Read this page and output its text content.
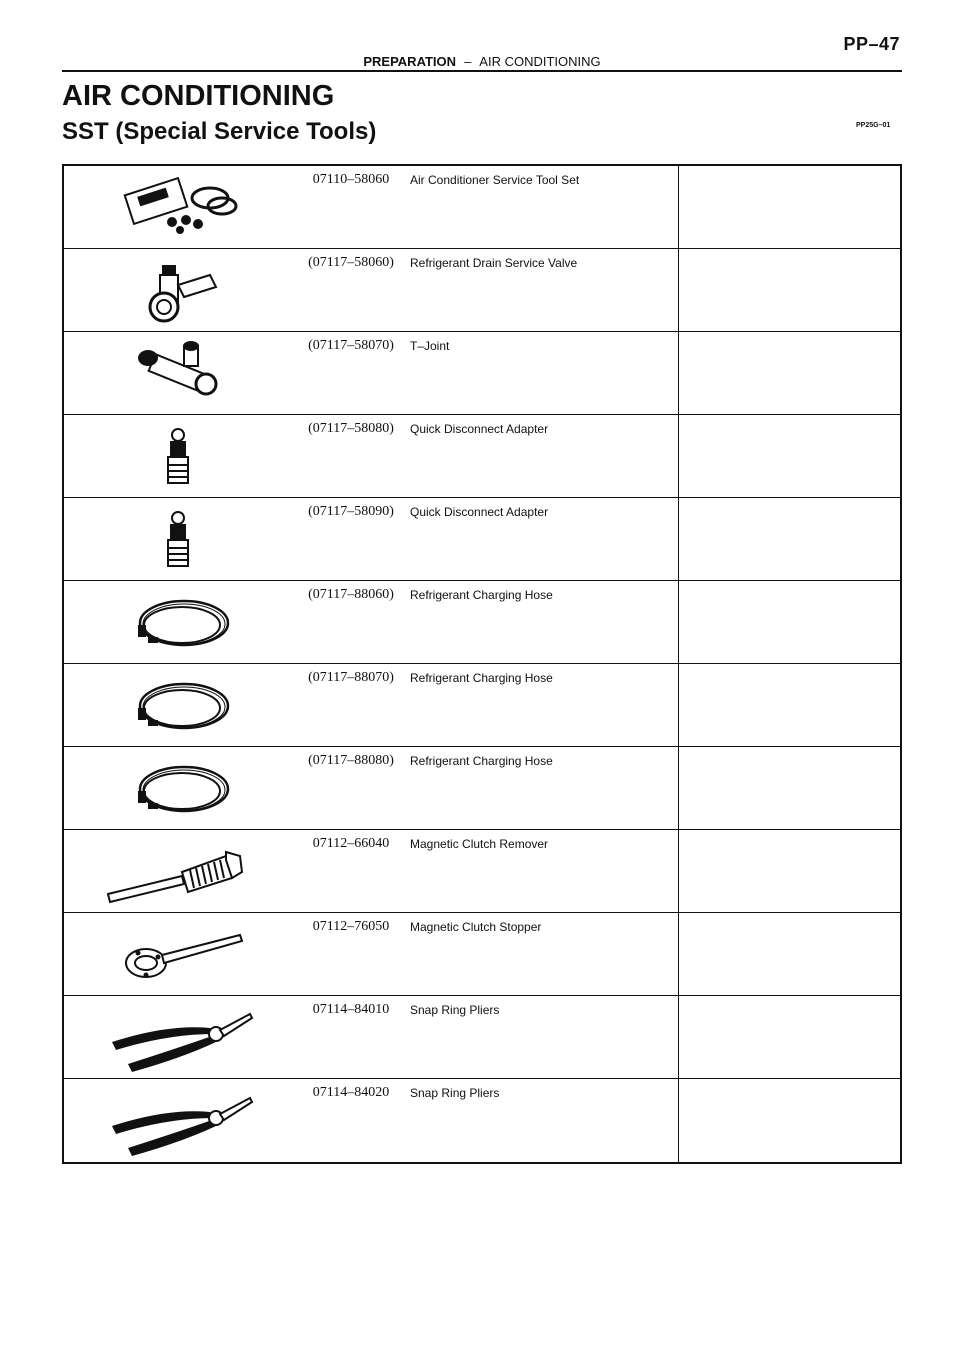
PP–47
PREPARATION – AIR CONDITIONING
AIR CONDITIONING
SST (Special Service Tools)	PP25G–01
07110–58060	Air Conditioner Service Tool Set
(07117–58060)	Refrigerant Drain Service Valve
(07117–58070)	T–Joint
(07117–58080)	Quick Disconnect Adapter
(07117–58090)	Quick Disconnect Adapter
(07117–88060)	Refrigerant Charging Hose
(07117–88070)	Refrigerant Charging Hose
(07117–88080)	Refrigerant Charging Hose
07112–66040	Magnetic Clutch Remover
07112–76050	Magnetic Clutch Stopper
07114–84010	Snap Ring Pliers
07114–84020	Snap Ring Pliers
